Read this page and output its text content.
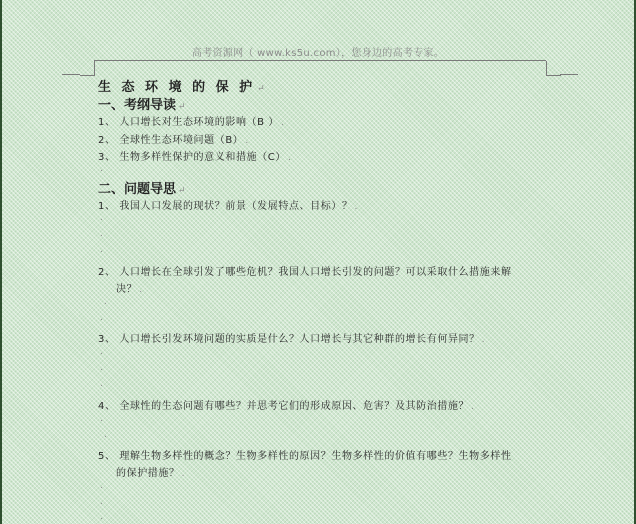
高考资源网（ www.ks5u.com），您身边的高考专家。
生 态 环 境 的 保 护 ↵
一、考纲导读 ↵
1、 人口增长对生态环境的影响（B ） .
2、 全球性生态环境问题（B） .
3、 生物多样性保护的意义和措施（C） .
.
二、问题导思 ↵
1、 我国人口发展的现状？前景（发展特点、目标）？ .
.
.
.
2、 人口增长在全球引发了哪些危机？我国人口增长引发的问题？可以采取什么措施来解
决？ .
.
.
3、 人口增长引发环境问题的实质是什么？人口增长与其它种群的增长有何异同？ .
.
.
.
4、 全球性的生态问题有哪些？并思考它们的形成原因、危害？及其防治措施？ .
.
.
5、 理解生物多样性的概念？生物多样性的原因？生物多样性的价值有哪些？生物多样性
的保护措施？ .
.
.
.
